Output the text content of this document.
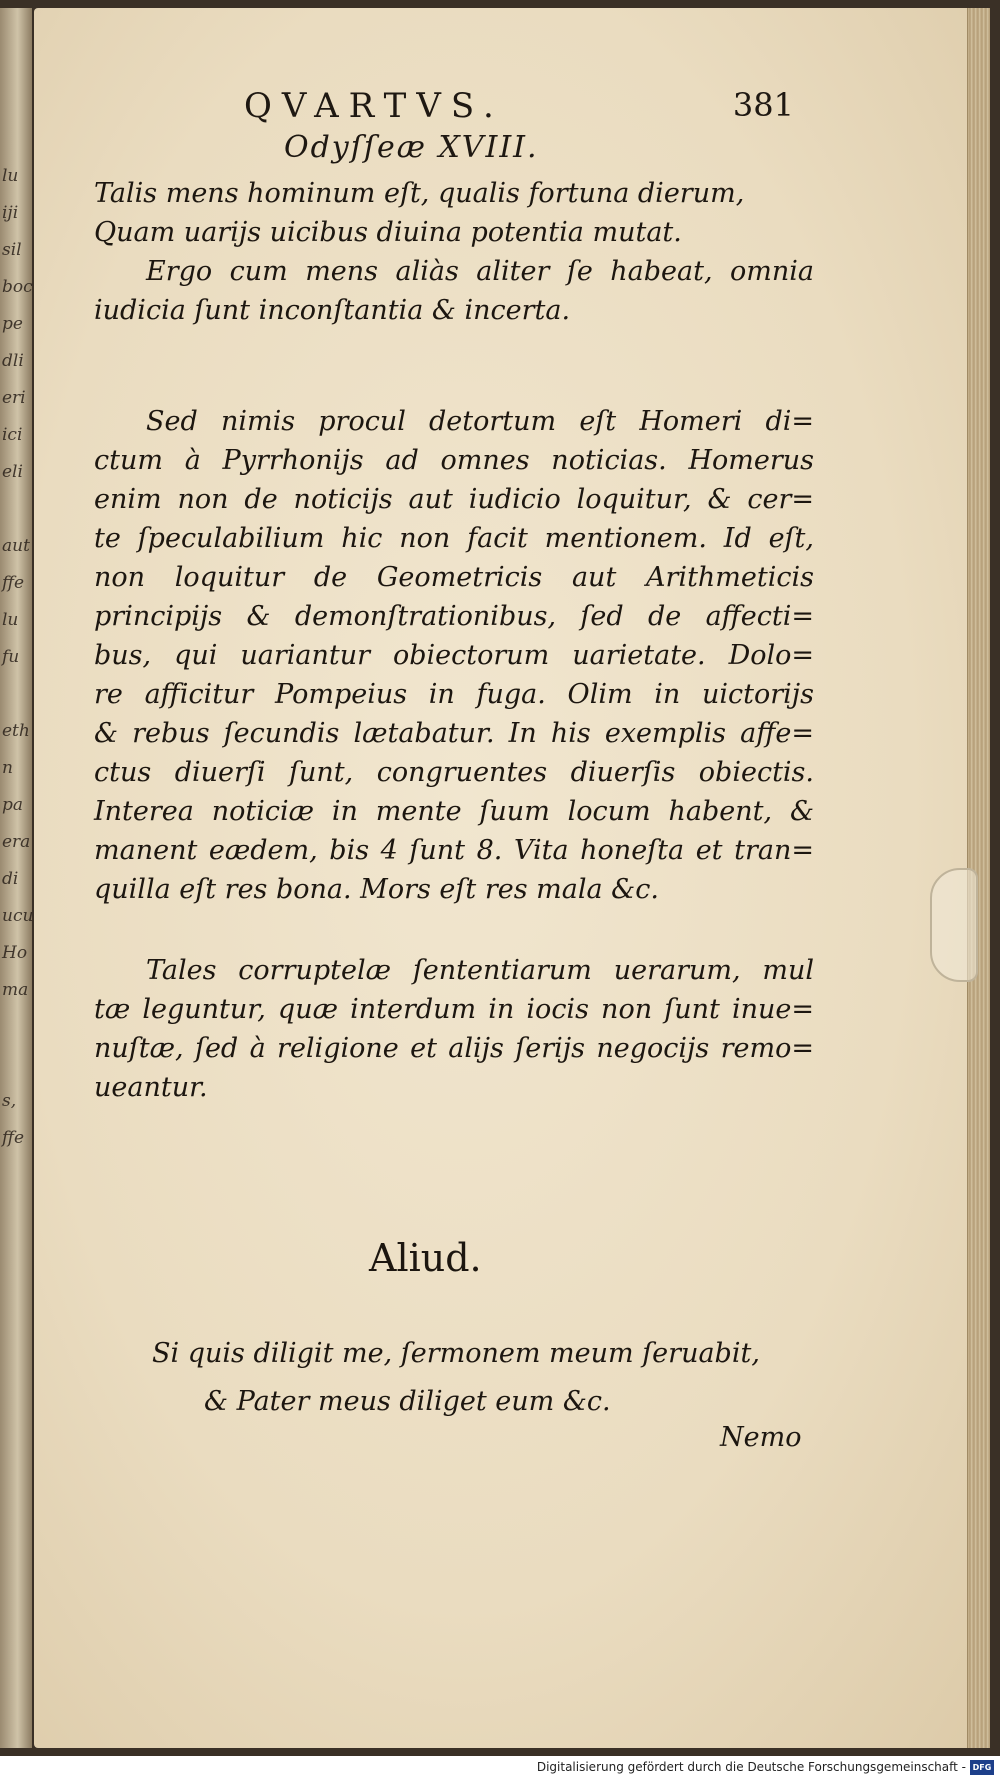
lu
iji
sil
boc
pe
dli
eri
ici
eli

aut
ffe
lu
fu

eth
n pa
era
di
ucu
Ho
ma

s,
ffe
QVARTVS.	381
Odyſſeæ XVIII.
Talis mens hominum eſt, qualis fortuna dierum,
Quam uarijs uicibus diuina potentia mutat.
Ergo cum mens aliàs aliter ſe habeat, omnia
iudicia ſunt inconſtantia & incerta.
Sed nimis procul detortum eſt Homeri di=
ctum à Pyrrhonijs ad omnes noticias. Homerus
enim non de noticijs aut iudicio loquitur, & cer=
te ſpeculabilium hic non facit mentionem. Id eſt,
non loquitur de Geometricis aut Arithmeticis
principijs & demonſtrationibus, ſed de affecti=
bus, qui uariantur obiectorum uarietate. Dolo=
re afficitur Pompeius in fuga. Olim in uictorijs
& rebus ſecundis lætabatur. In his exemplis affe=
ctus diuerſi ſunt, congruentes diuerſis obiectis.
Interea noticiæ in mente ſuum locum habent, &
manent eædem, bis 4 ſunt 8. Vita honeſta et tran=
quilla eſt res bona. Mors eſt res mala &c.
Tales corruptelæ ſententiarum uerarum, mul
tæ leguntur, quæ interdum in iocis non ſunt inue=
nuſtæ, ſed à religione et alijs ſerijs negocijs remo=
ueantur.
Aliud.
Si quis diligit me, ſermonem meum ſeruabit,
& Pater meus diliget eum &c.
Nemo
Digitalisierung gefördert durch die Deutsche Forschungsgemeinschaft - DFG
